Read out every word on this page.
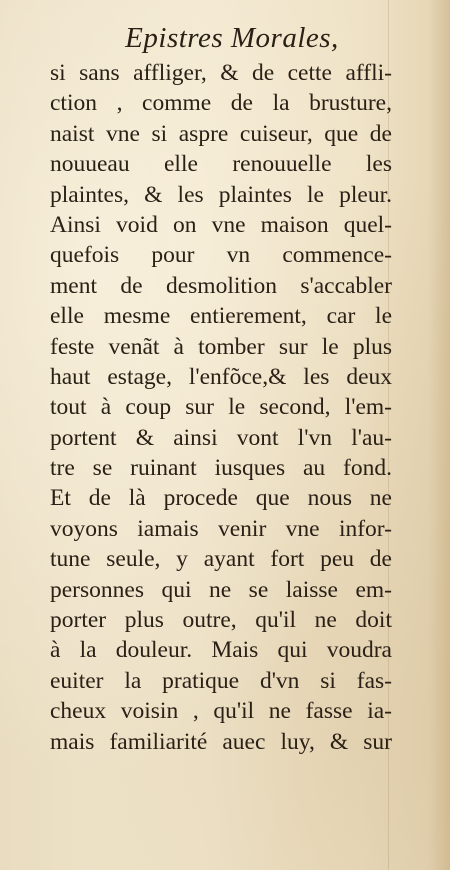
Epistres Morales,
si sans affliger, & de cette affli-
ction , comme de la brusture,
naist vne si aspre cuiseur, que de
nouueau elle renouuelle les
plaintes, & les plaintes le pleur.
Ainsi void on vne maison quel-
quefois pour vn commence-
ment de desmolition s'accabler
elle mesme entierement, car le
feste venãt à tomber sur le plus
haut estage, l'enfõce,& les deux
tout à coup sur le second, l'em-
portent & ainsi vont l'vn l'au-
tre se ruinant iusques au fond.
Et de là procede que nous ne
voyons iamais venir vne infor-
tune seule, y ayant fort peu de
personnes qui ne se laisse em-
porter plus outre, qu'il ne doit
à la douleur. Mais qui voudra
euiter la pratique d'vn si fas-
cheux voisin , qu'il ne fasse ia-
mais familiarité auec luy, & sur
